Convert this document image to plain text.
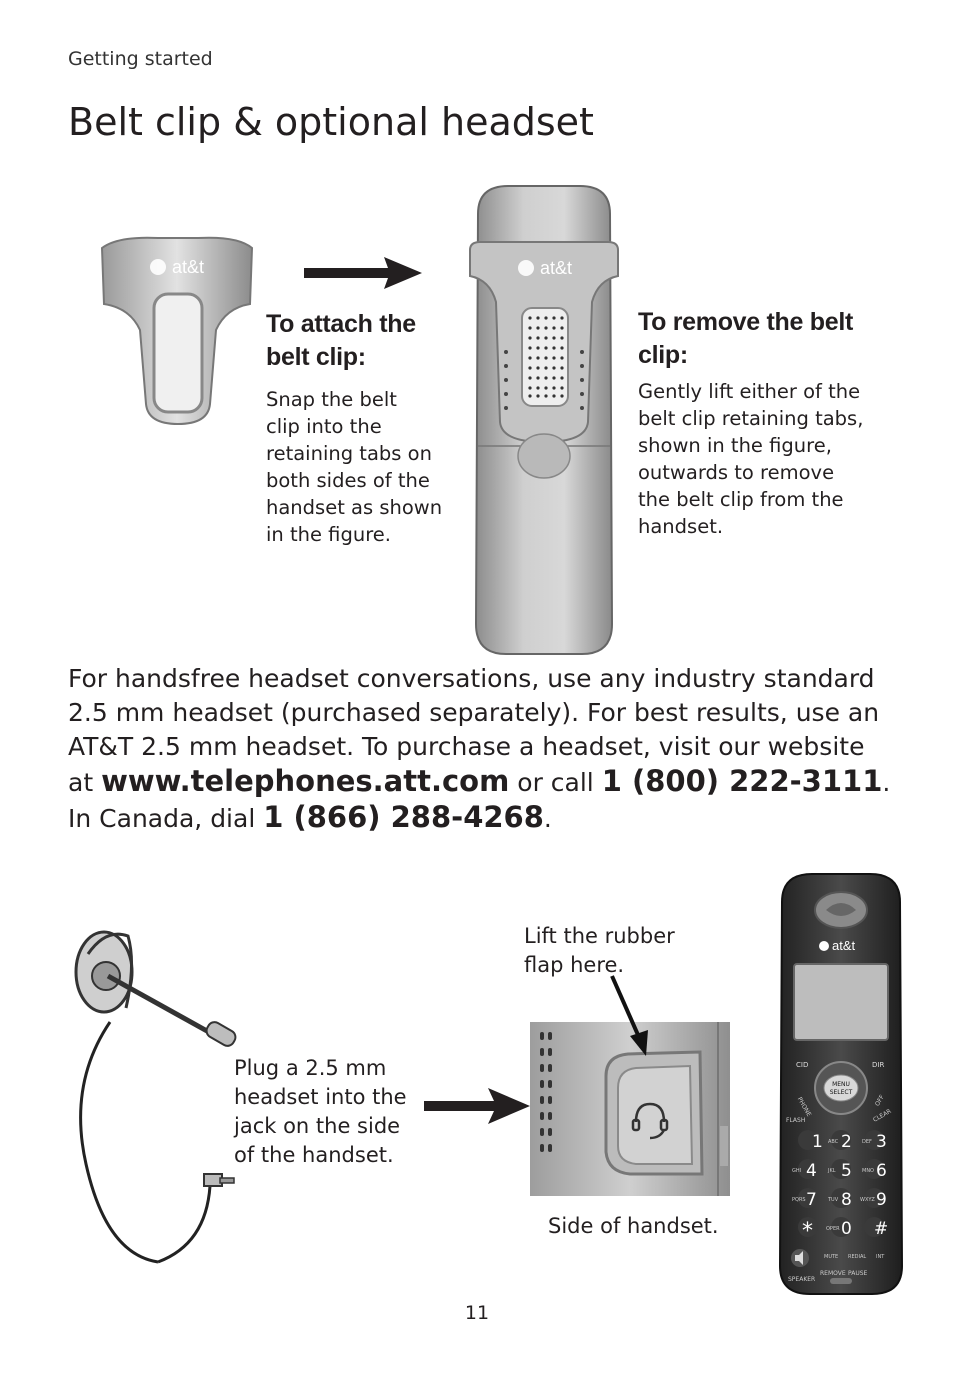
Getting started
Belt clip & optional headset
at&t	at&t
To attach the
belt clip:
Snap the belt
clip into the
retaining tabs on
both sides of the
handset as shown
in the figure.
To remove the belt
clip:
Gently lift either of the
belt clip retaining tabs,
shown in the figure,
outwards to remove
the belt clip from the
handset.
For handsfree headset conversations, use any industry standard
2.5 mm headset (purchased separately). For best results, use an
AT&T 2.5 mm headset. To purchase a headset, visit our website
at www.telephones.att.com or call 1 (800) 222-3111.
In Canada, dial 1 (866) 288-4268.
Plug a 2.5 mm
headset into the
jack on the side
of the handset.
Lift the rubber
flap here.
Side of handset.
at&t
CID	DIR
MENU
SELECT
PHONE	OFF
FLASH	CLEAR
1 ABC 2 DEF 3
GHI 4 JKL 5 MNO 6
PQRS 7 TUV 8 WXYZ 9
*	OPER 0 #
MUTE REDIAL INT
SPEAKER
REMOVE PAUSE
11
